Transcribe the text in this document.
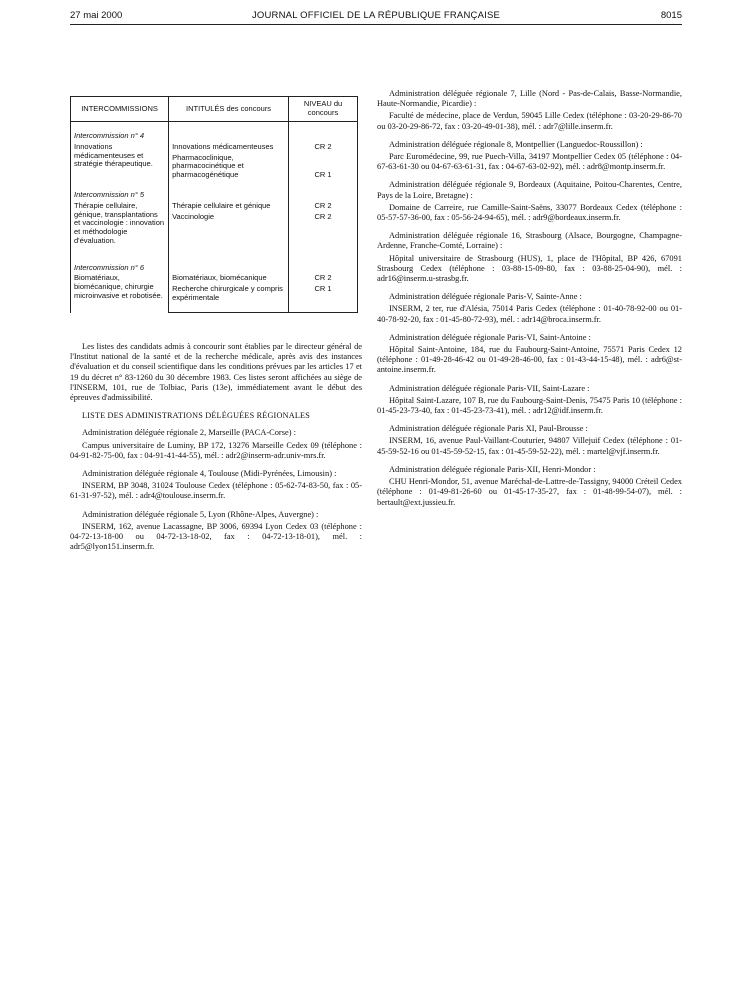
27 mai 2000	JOURNAL OFFICIEL DE LA RÉPUBLIQUE FRANÇAISE	8015
INTERCOMMISSIONS	INTITULÉS des concours	NIVEAU du concours
Intercommission n° 4		
Innovations médicamenteuses et stratégie thérapeutique.	Innovations médicamenteuses	CR 2
	Pharmacoclinique, pharmacocinétique et pharmacogénétique	CR 1
Intercommission n° 5		
Thérapie cellulaire, génique, transplantations et vaccinologie : innovation et méthodologie d'évaluation.	Thérapie cellulaire et génique	CR 2
	Vaccinologie	CR 2
Intercommission n° 6		
Biomatériaux, biomécanique, chirurgie microinvasive et robotisée.	Biomatériaux, biomécanique	CR 2
	Recherche chirurgicale y compris expérimentale	CR 1

Les listes des candidats admis à concourir sont établies par le directeur général de l'Institut national de la santé et de la recherche médicale, après avis des instances d'évaluation et du conseil scientifique dans les conditions prévues par les articles 17 et 19 du décret n° 83-1260 du 30 décembre 1983. Ces listes seront affichées au siège de l'INSERM, 101, rue de Tolbiac, Paris (13e), immédiatement avant le début des épreuves d'admissibilité.

LISTE DES ADMINISTRATIONS DÉLÉGUÉES RÉGIONALES

Administration déléguée régionale 2, Marseille (PACA-Corse) :

Campus universitaire de Luminy, BP 172, 13276 Marseille Cedex 09 (téléphone : 04-91-82-75-00, fax : 04-91-41-44-55), mél. : adr2@inserm-adr.univ-mrs.fr.

Administration déléguée régionale 4, Toulouse (Midi-Pyrénées, Limousin) :

INSERM, BP 3048, 31024 Toulouse Cedex (téléphone : 05-62-74-83-50, fax : 05-61-31-97-52), mél. : adr4@toulouse.inserm.fr.

Administration déléguée régionale 5, Lyon (Rhône-Alpes, Auvergne) :

INSERM, 162, avenue Lacassagne, BP 3006, 69394 Lyon Cedex 03 (téléphone : 04-72-13-18-00 ou 04-72-13-18-02, fax : 04-72-13-18-01), mél. : adr5@lyon151.inserm.fr.

Administration déléguée régionale 7, Lille (Nord - Pas-de-Calais, Basse-Normandie, Haute-Normandie, Picardie) :

Faculté de médecine, place de Verdun, 59045 Lille Cedex (téléphone : 03-20-29-86-70 ou 03-20-29-86-72, fax : 03-20-49-01-38), mél. : adr7@lille.inserm.fr.

Administration déléguée régionale 8, Montpellier (Languedoc-Roussillon) :

Parc Euromédecine, 99, rue Puech-Villa, 34197 Montpellier Cedex 05 (téléphone : 04-67-63-61-30 ou 04-67-63-61-31, fax : 04-67-63-02-92), mél. : adr8@montp.inserm.fr.

Administration déléguée régionale 9, Bordeaux (Aquitaine, Poitou-Charentes, Centre, Pays de la Loire, Bretagne) :

Domaine de Carreire, rue Camille-Saint-Saëns, 33077 Bordeaux Cedex (téléphone : 05-57-57-36-00, fax : 05-56-24-94-65), mél. : adr9@bordeaux.inserm.fr.

Administration déléguée régionale 16, Strasbourg (Alsace, Bourgogne, Champagne-Ardenne, Franche-Comté, Lorraine) :

Hôpital universitaire de Strasbourg (HUS), 1, place de l'Hôpital, BP 426, 67091 Strasbourg Cedex (téléphone : 03-88-15-09-80, fax : 03-88-25-04-90), mél. : adr16@inserm.u-strasbg.fr.

Administration déléguée régionale Paris-V, Sainte-Anne :

INSERM, 2 ter, rue d'Alésia, 75014 Paris Cedex (téléphone : 01-40-78-92-00 ou 01-40-78-92-20, fax : 01-45-80-72-93), mél. : adr14@broca.inserm.fr.

Administration déléguée régionale Paris-VI, Saint-Antoine :

Hôpital Saint-Antoine, 184, rue du Faubourg-Saint-Antoine, 75571 Paris Cedex 12 (téléphone : 01-49-28-46-42 ou 01-49-28-46-00, fax : 01-43-44-15-48), mél. : adr6@st-antoine.inserm.fr.

Administration déléguée régionale Paris-VII, Saint-Lazare :

Hôpital Saint-Lazare, 107 B, rue du Faubourg-Saint-Denis, 75475 Paris 10 (téléphone : 01-45-23-73-40, fax : 01-45-23-73-41), mél. : adr12@idf.inserm.fr.

Administration déléguée régionale Paris XI, Paul-Brousse :

INSERM, 16, avenue Paul-Vaillant-Couturier, 94807 Villejuif Cedex (téléphone : 01-45-59-52-16 ou 01-45-59-52-15, fax : 01-45-59-52-22), mél. : martel@vjf.inserm.fr.

Administration déléguée régionale Paris-XII, Henri-Mondor :

CHU Henri-Mondor, 51, avenue Maréchal-de-Lattre-de-Tassigny, 94000 Créteil Cedex (téléphone : 01-49-81-26-60 ou 01-45-17-35-27, fax : 01-48-99-54-07), mél. : bertault@ext.jussieu.fr.
